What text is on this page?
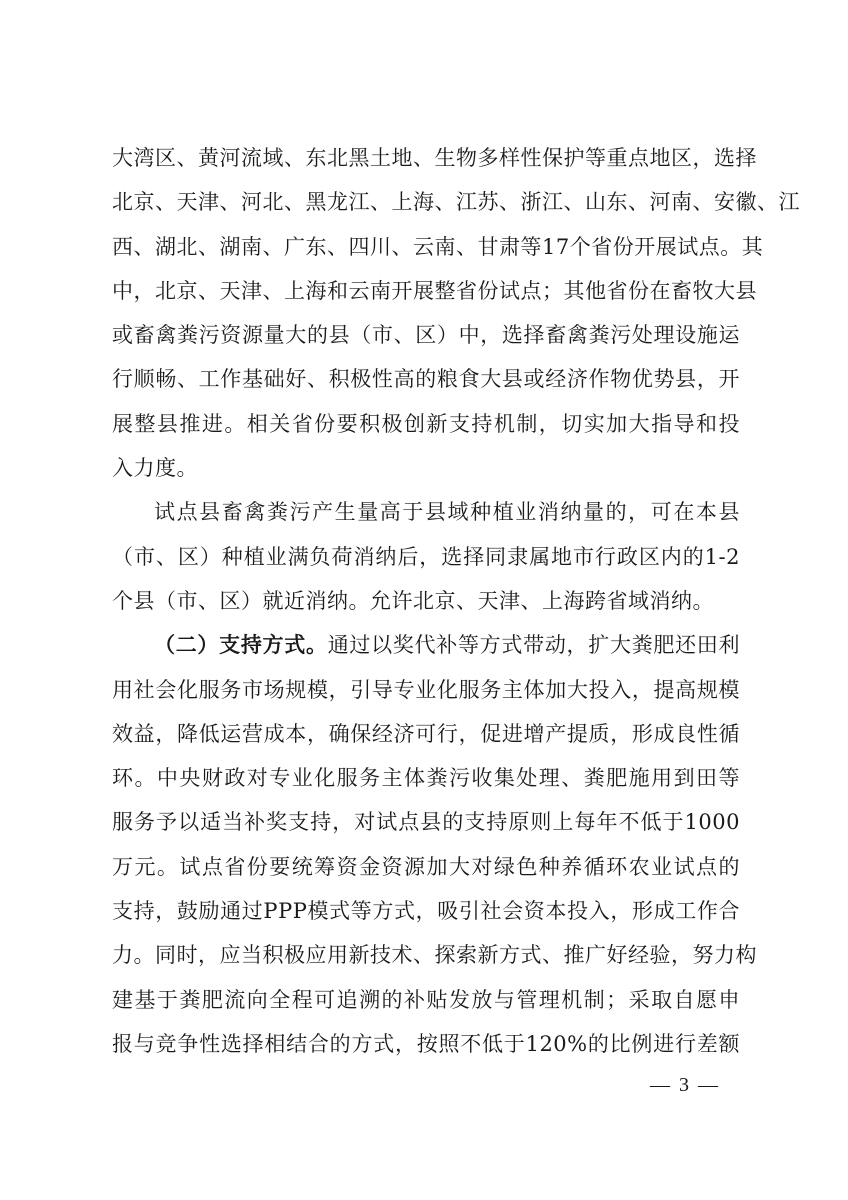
大湾区、黄河流域、东北黑土地、生物多样性保护等重点地区，选择
北京、天津、河北、黑龙江、上海、江苏、浙江、山东、河南、安徽、江
西、湖北、湖南、广东、四川、云南、甘肃等17个省份开展试点。其
中，北京、天津、上海和云南开展整省份试点；其他省份在畜牧大县
或畜禽粪污资源量大的县（市、区）中，选择畜禽粪污处理设施运
行顺畅、工作基础好、积极性高的粮食大县或经济作物优势县，开
展整县推进。相关省份要积极创新支持机制，切实加大指导和投
入力度。
试点县畜禽粪污产生量高于县域种植业消纳量的，可在本县
（市、区）种植业满负荷消纳后，选择同隶属地市行政区内的1-2
个县（市、区）就近消纳。允许北京、天津、上海跨省域消纳。
（二）支持方式。通过以奖代补等方式带动，扩大粪肥还田利
用社会化服务市场规模，引导专业化服务主体加大投入，提高规模
效益，降低运营成本，确保经济可行，促进增产提质，形成良性循
环。中央财政对专业化服务主体粪污收集处理、粪肥施用到田等
服务予以适当补奖支持，对试点县的支持原则上每年不低于1000
万元。试点省份要统筹资金资源加大对绿色种养循环农业试点的
支持，鼓励通过PPP模式等方式，吸引社会资本投入，形成工作合
力。同时，应当积极应用新技术、探索新方式、推广好经验，努力构
建基于粪肥流向全程可追溯的补贴发放与管理机制；采取自愿申
报与竞争性选择相结合的方式，按照不低于120%的比例进行差额
— 3 —
